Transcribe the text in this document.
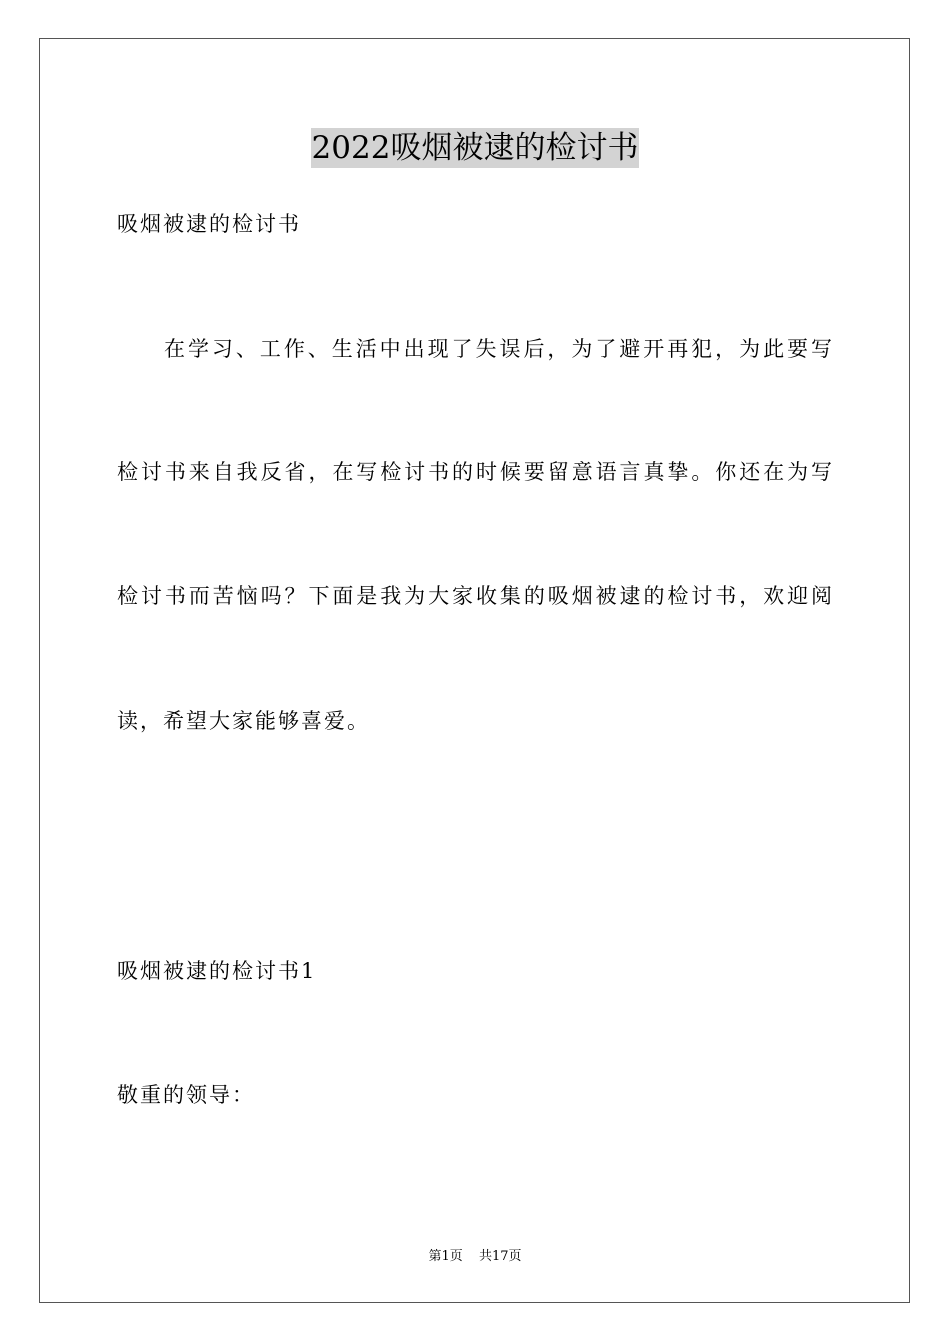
2022吸烟被逮的检讨书

吸烟被逮的检讨书

在学习、工作、生活中出现了失误后，为了避开再犯，为此要写

检讨书来自我反省，在写检讨书的时候要留意语言真挚。你还在为写

检讨书而苦恼吗？下面是我为大家收集的吸烟被逮的检讨书，欢迎阅

读，希望大家能够喜爱。

吸烟被逮的检讨书1

敬重的领导：

第1页 共17页
